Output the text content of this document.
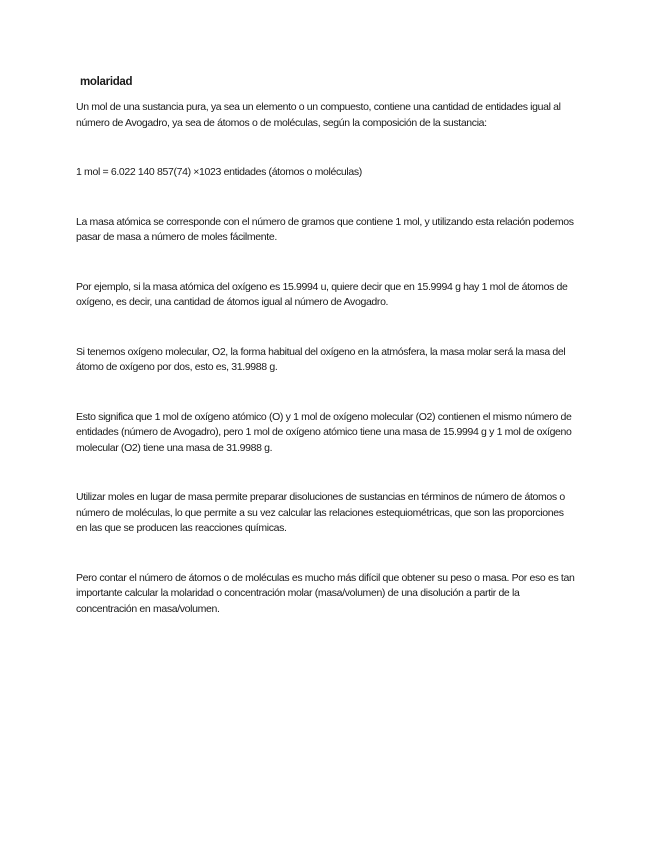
molaridad

Un mol de una sustancia pura, ya sea un elemento o un compuesto, contiene una cantidad de entidades igual al número de Avogadro, ya sea de átomos o de moléculas, según la composición de la sustancia:

1 mol = 6.022 140 857(74) ×1023 entidades (átomos o moléculas)

La masa atómica se corresponde con el número de gramos que contiene 1 mol, y utilizando esta relación podemos pasar de masa a número de moles fácilmente.

Por ejemplo, si la masa atómica del oxígeno es 15.9994 u, quiere decir que en 15.9994 g hay 1 mol de átomos de oxígeno, es decir, una cantidad de átomos igual al número de Avogadro.

Si tenemos oxígeno molecular, O2, la forma habitual del oxígeno en la atmósfera, la masa molar será la masa del átomo de oxígeno por dos, esto es, 31.9988 g.

Esto significa que 1 mol de oxígeno atómico (O) y 1 mol de oxígeno molecular (O2) contienen el mismo número de entidades (número de Avogadro), pero 1 mol de oxígeno atómico tiene una masa de 15.9994 g y 1 mol de oxígeno molecular (O2) tiene una masa de 31.9988 g.

Utilizar moles en lugar de masa permite preparar disoluciones de sustancias en términos de número de átomos o número de moléculas, lo que permite a su vez calcular las relaciones estequiométricas, que son las proporciones en las que se producen las reacciones químicas.

Pero contar el número de átomos o de moléculas es mucho más difícil que obtener su peso o masa. Por eso es tan importante calcular la molaridad o concentración molar (masa/volumen) de una disolución a partir de la concentración en masa/volumen.
